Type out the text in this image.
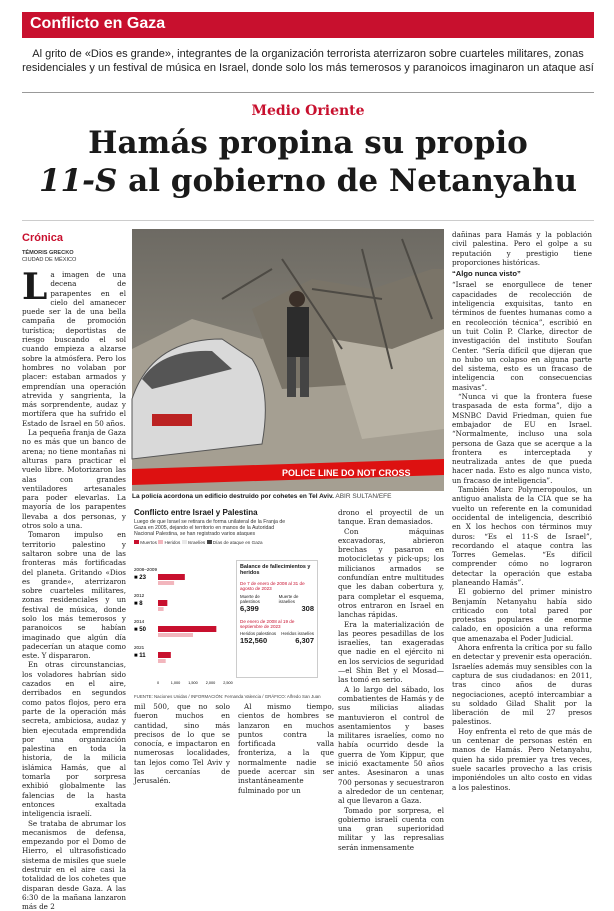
Conflicto en Gaza
Al grito de «Dios es grande», integrantes de la organización terrorista aterrizaron sobre cuarteles militares, zonas residenciales y un festival de música en Israel, donde solo los más temerosos y paranoicos imaginaron un ataque así
Medio Oriente
Hamás propina su propio
11-S al gobierno de Netanyahu
Crónica
TÉMORIS GRECKO
CIUDAD DE MÉXICO

La imagen de una decena de parapentes en el cielo del amanecer puede ser la de una bella campaña de promoción turística; deportistas de riesgo buscando el sol cuando empieza a alzarse sobre la atmósfera. Pero los hombres no volaban por placer: estaban armados y emprendían una operación atrevida y sangrienta, la más sorprendente, audaz y mortífera que ha sufrido el Estado de Israel en 50 años.

La pequeña franja de Gaza no es más que un banco de arena; no tiene montañas ni alturas para practicar el vuelo libre. Motorizaron las alas con grandes ventiladores artesanales para poder elevarlas. La mayoría de los parapentes llevaba a dos personas, y otros solo a una.

Tomaron impulso en territorio palestino y saltaron sobre una de las fronteras más fortificadas del planeta. Gritando «Dios es grande», aterrizaron sobre cuarteles militares, zonas residenciales y un festival de música, donde solo los más temerosos y paranoicos se habían imaginado que algún día padecerían un ataque como este. Y dispararon.

En otras circunstancias, los voladores habrían sido cazados en el aire, derribados en segundos como patos flojos, pero era parte de la operación más secreta, ambiciosa, audaz y bien ejecutada emprendida por una organización palestina en toda la historia, de la milicia islámica Hamás, que al tomarla por sorpresa exhibió globalmente las falencias de la hasta entonces exaltada inteligencia israelí.

Se trataba de abrumar los mecanismos de defensa, empezando por el Domo de Hierro, el ultrasofisticado sistema de misiles que suele destruir en el aire casi la totalidad de los cohetes que disparan desde Gaza. A las 6:30 de la mañana lanzaron más de 2

POLICE LINE DO NOT CROSS
La policía acordona un edificio destruido por cohetes en Tel Aviv. ABIR SULTAN/EFE
Conflicto entre Israel y Palestina
Luego de que Israel se retirara de forma unilateral de la Franja de Gaza en 2005, dejando el territorio en manos de la Autoridad Nacional Palestina, se han registrado varios ataques
Muertos Heridos Israelíes Días de ataque en Gaza
2008–2009
■ 23
2012
■ 8
2014
■ 50
2021
■ 11
0	1,000 1,500 2,000 2,500
Balance de fallecimientos y heridos
De 7 de enero de 2008 al 31 de agosto de 2023
Muerte de palestinos
Muerte de israelíes
6,399	308
De enero de 2008 al 19 de septiembre de 2023
Heridos palestinos Heridos israelíes
152,560	6,307
FUENTE: Naciones Unidas / INFORMACIÓN: Fernanda Valencia / GRÁFICO: Alfredo San Juan

mil 500, que no solo fueron muchos en cantidad, sino más precisos de lo que se conocía, e impactaron en numerosas localidades, tan lejos como Tel Aviv y las cercanías de Jerusalén.

Al mismo tiempo, cientos de hombres se lanzaron en muchos puntos contra la fortificada valla fronteriza, a la que normalmente nadie se puede acercar sin ser instantáneamente fulminado por un

drono el proyectil de un tanque. Eran demasiados.

Con máquinas excavadoras, abrieron brechas y pasaron en motocicletas y pick-ups; los milicianos armados se confundían entre multitudes que les daban cobertura y, para completar el esquema, otros entraron en Israel en lanchas rápidas.

Era la materialización de las peores pesadillas de los israelíes, tan exageradas que nadie en el ejército ni en los servicios de seguridad —el Shin Bet y el Mosad— las tomó en serio.

A lo largo del sábado, los combatientes de Hamás y de sus milicias aliadas mantuvieron el control de asentamientos y bases militares israelíes, como no había ocurrido desde la guerra de Yom Kippur, que inició exactamente 50 años antes. Asesinaron a unas 700 personas y secuestraron a alrededor de un centenar, al que llevaron a Gaza.

Tomado por sorpresa, el gobierno israelí cuenta con una gran superioridad militar y las represalias serán inmensamente

dañinas para Hamás y la población civil palestina. Pero el golpe a su reputación y prestigio tiene proporciones históricas.

“Algo nunca visto”

“Israel se enorgullece de tener capacidades de recolección de inteligencia exquisitas, tanto en términos de fuentes humanas como a en recolección técnica”, escribió en un tuit Colin P. Clarke, director de investigación del instituto Soufan Center. “Sería difícil que dijeran que no hubo un colapso en alguna parte del sistema, esto es un fracaso de inteligencia con consecuencias masivas”.

“Nunca vi que la frontera fuese traspasada de esta forma”, dijo a MSNBC David Friedman, quien fue embajador de EU en Israel. “Normalmente, incluso una sola persona de Gaza que se acerque a la frontera es interceptada y neutralizada antes de que pueda hacer nada. Esto es algo nunca visto, un fracaso de inteligencia”.

También Marc Polymeropoulos, un antiguo analista de la CIA que se ha vuelto un referente en la comunidad occidental de inteligencia, describió en X los hechos con términos muy duros: “Es el 11-S de Israel”, recordando el ataque contra las Torres Gemelas. “Es difícil comprender cómo no lograron detectar la operación que estaba planeando Hamás”.

El gobierno del primer ministro Benjamín Netanyahu había sido criticado con total pared por protestas populares de enorme calado, en oposición a una reforma que amenazaba el Poder Judicial.

Ahora enfrenta la crítica por su fallo en detectar y prevenir esta operación. Israelíes además muy sensibles con la captura de sus ciudadanos: en 2011, tras cinco años de duras negociaciones, aceptó intercambiar a su soldado Gilad Shalit por la liberación de mil 27 presos palestinos.

Hoy enfrenta el reto de que más de un centenar de personas estén en manos de Hamás. Pero Netanyahu, quien ha sido premier ya tres veces, suele sacarles provecho a las crisis imponiéndoles un alto costo en vidas a los palestinos.
